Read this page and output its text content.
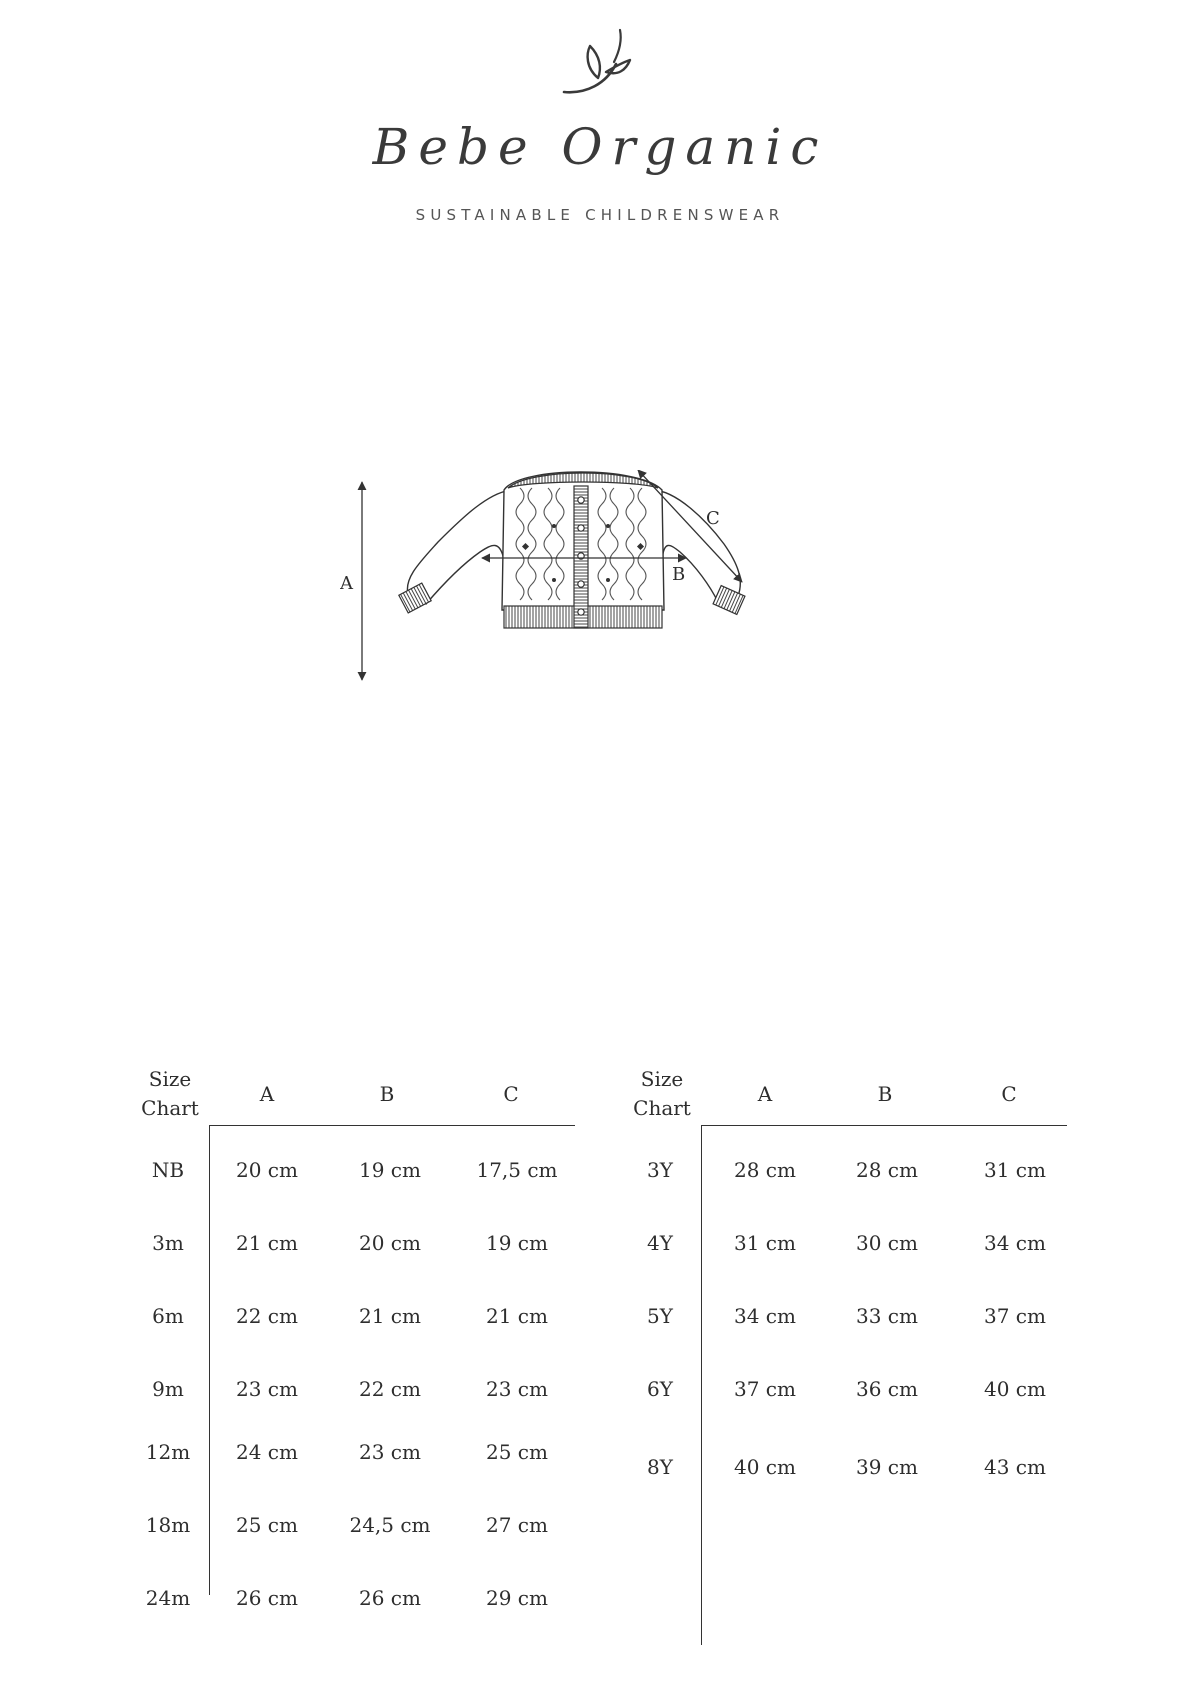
Bebe Organic
SUSTAINABLE CHILDRENSWEAR
A	B
C
Size
Chart
A	B	C
NB	20 cm	19 cm	17,5 cm
3m	21 cm	20 cm	19 cm
6m	22 cm	21 cm	21 cm
9m	23 cm	22 cm	23 cm
12m	24 cm	23 cm	25 cm
18m	25 cm	24,5 cm	27 cm
24m	26 cm	26 cm	29 cm
Size
Chart
A	B	C
3Y	28 cm	28 cm	31 cm
4Y	31 cm	30 cm	34 cm
5Y	34 cm	33 cm	37 cm
6Y	37 cm	36 cm	40 cm
8Y	40 cm	39 cm	43 cm
